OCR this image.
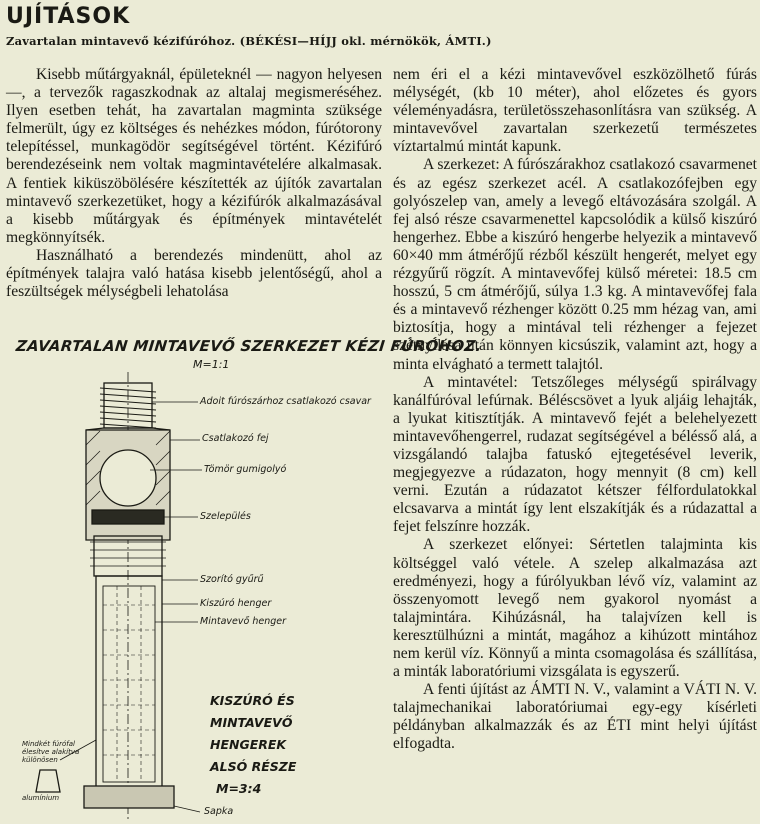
UJÍTÁSOK
Zavartalan mintavevő kézifúróhoz. (BÉKÉSI—HÍJJ okl. mérnökök, ÁMTI.)

Kisebb műtárgyaknál, épületeknél — nagyon helyesen —, a tervezők ragaszkodnak az altalaj megismeréséhez. Ilyen esetben tehát, ha zavartalan magminta szüksége felmerült, úgy ez költséges és nehézkes módon, fúrótorony telepítéssel, munkagödör segítségével történt. Kézifúró berendezéseink nem voltak magmintavételére alkalmasak. A fentiek kiküszöbölésére készítették az újítók zavartalan mintavevő szerkezetüket, hogy a kézifúrók alkalmazásával a kisebb műtárgyak és építmények mintavételét megkönnyítsék.

Használható a berendezés mindenütt, ahol az építmények talajra való hatása kisebb jelentőségű, ahol a feszültségek mélységbeli lehatolása

nem éri el a kézi mintavevővel eszközölhető fúrás mélységét, (kb 10 méter), ahol előzetes és gyors véleményadásra, területösszehasonlításra van szükség. A mintavevővel zavartalan szerkezetű természetes víztartalmú mintát kapunk.

A szerkezet: A fúrószárakhoz csatlakozó csavarmenet és az egész szerkezet acél. A csatlakozófejben egy golyószelep van, amely a levegő eltávozására szolgál. A fej alsó része csavarmenettel kapcsolódik a külső kiszúró hengerhez. Ebbe a kiszúró hengerbe helyezik a mintavevő 60×40 mm átmérőjű rézből készült hengerét, melyet egy rézgyűrű rögzít. A mintavevőfej külső méretei: 18.5 cm hosszú, 5 cm átmérőjű, súlya 1.3 kg. A mintavevőfej fala és a mintavevő rézhenger között 0.25 mm hézag van, ami biztosítja, hogy a mintával teli rézhenger a fejezet szétnyílása után könnyen kicsúszik, valamint azt, hogy a minta elvágható a termett talajtól.

A mintavétel: Tetszőleges mélységű spirálvagy kanálfúróval lefúrnak. Béléscsövet a lyuk aljáig lehajták, a lyukat kitisztítják. A mintavevő fejét a belehelyezett mintavevőhengerrel, rudazat segítségével a bélésső alá, a vizsgálandó talajba fatuskó ejtegetésével leverik, megjegyezve a rúdazaton, hogy mennyit (8 cm) kell verni. Ezután a rúdazatot kétszer félfordulatokkal elcsavarva a mintát így lent elszakítják és a rúdazattal a fejet felszínre hozzák.

A szerkezet előnyei: Sértetlen talajminta kis költséggel való vétele. A szelep alkalmazása azt eredményezi, hogy a fúrólyukban lévő víz, valamint az összenyomott levegő nem gyakorol nyomást a talajmintára. Kihúzásnál, ha talajvízen kell is keresztülhúzni a mintát, magához a kihúzott mintához nem kerül víz. Könnyű a minta csomagolása és szállítása, a minták laboratóriumi vizsgálata is egyszerű.

A fenti újítást az ÁMTI N. V., valamint a VÁTI N. V. talajmechanikai laboratóriumai egy-egy kísérleti példányban alkalmazzák és az ÉTI mint helyi újítást elfogadta.

ZAVARTALAN MINTAVEVŐ SZERKEZET KÉZI FÚRÓHOZ.
M=1:1
Adoit fúrószárhoz csatlakozó csavar
Csatlakozó fej
Tömör gumigolyó
Szelepülés
Szorító gyűrű
Kiszúró henger
Mintavevő henger
Mindkét fúrófal
élesítve alakítva
különösen
alumínium
Sapka
KISZÚRÓ ÉS
MINTAVEVŐ
HENGEREK
ALSÓ RÉSZE
M=3:4
